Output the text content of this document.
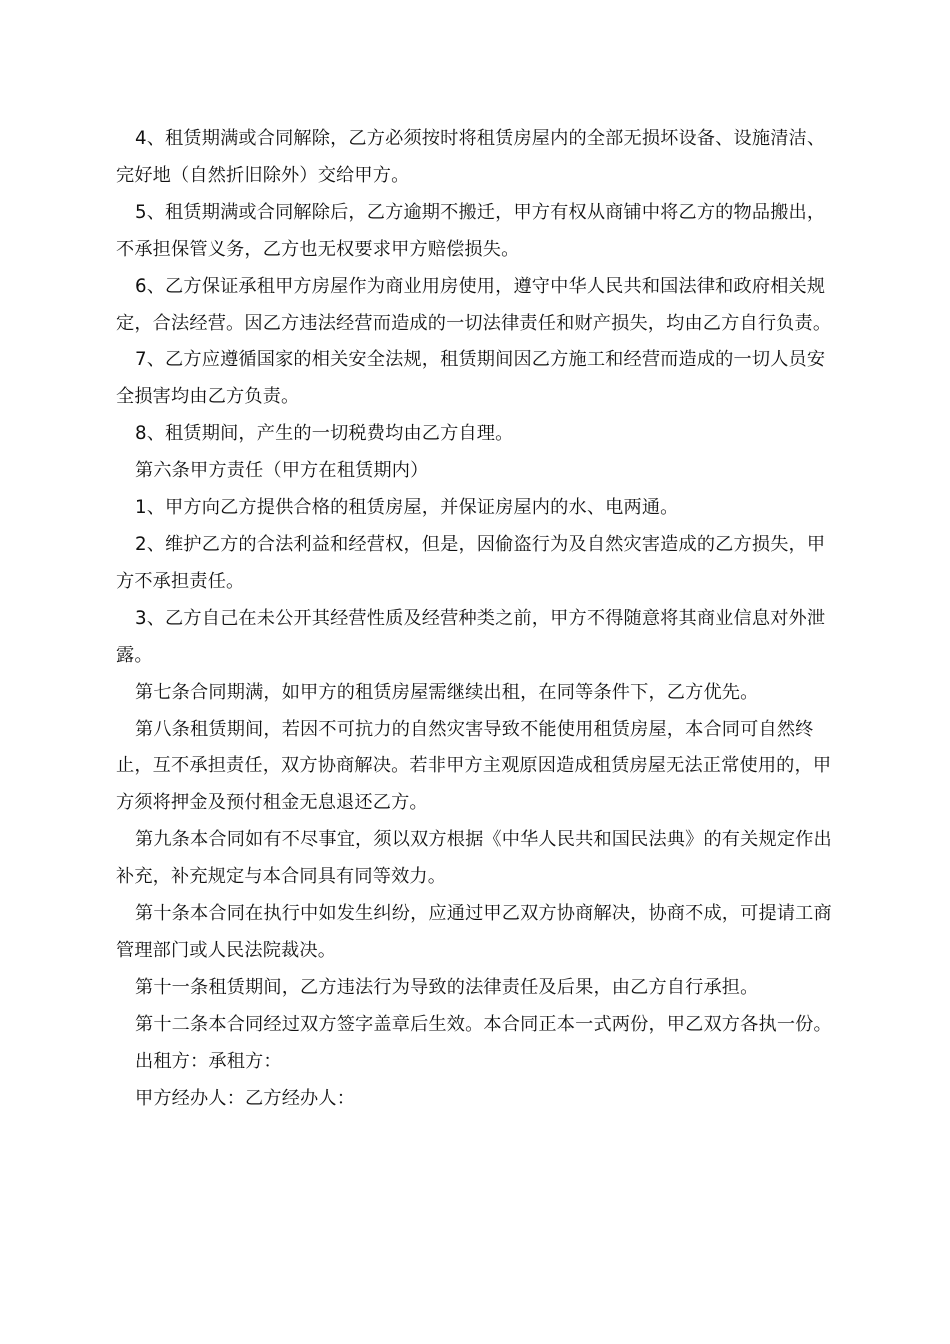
4、租赁期满或合同解除，乙方必须按时将租赁房屋内的全部无损坏设备、设施清洁、完好地（自然折旧除外）交给甲方。

5、租赁期满或合同解除后，乙方逾期不搬迁，甲方有权从商铺中将乙方的物品搬出，不承担保管义务，乙方也无权要求甲方赔偿损失。

6、乙方保证承租甲方房屋作为商业用房使用，遵守中华人民共和国法律和政府相关规定，合法经营。因乙方违法经营而造成的一切法律责任和财产损失，均由乙方自行负责。

7、乙方应遵循国家的相关安全法规，租赁期间因乙方施工和经营而造成的一切人员安全损害均由乙方负责。

8、租赁期间，产生的一切税费均由乙方自理。

第六条甲方责任（甲方在租赁期内）

1、甲方向乙方提供合格的租赁房屋，并保证房屋内的水、电两通。

2、维护乙方的合法利益和经营权，但是，因偷盗行为及自然灾害造成的乙方损失，甲方不承担责任。

3、乙方自己在未公开其经营性质及经营种类之前，甲方不得随意将其商业信息对外泄露。

第七条合同期满，如甲方的租赁房屋需继续出租，在同等条件下，乙方优先。

第八条租赁期间，若因不可抗力的自然灾害导致不能使用租赁房屋，本合同可自然终止，互不承担责任，双方协商解决。若非甲方主观原因造成租赁房屋无法正常使用的，甲方须将押金及预付租金无息退还乙方。

第九条本合同如有不尽事宜，须以双方根据《中华人民共和国民法典》的有关规定作出补充，补充规定与本合同具有同等效力。

第十条本合同在执行中如发生纠纷，应通过甲乙双方协商解决，协商不成，可提请工商管理部门或人民法院裁决。

第十一条租赁期间，乙方违法行为导致的法律责任及后果，由乙方自行承担。

第十二条本合同经过双方签字盖章后生效。本合同正本一式两份，甲乙双方各执一份。

出租方：承租方：

甲方经办人：乙方经办人：
